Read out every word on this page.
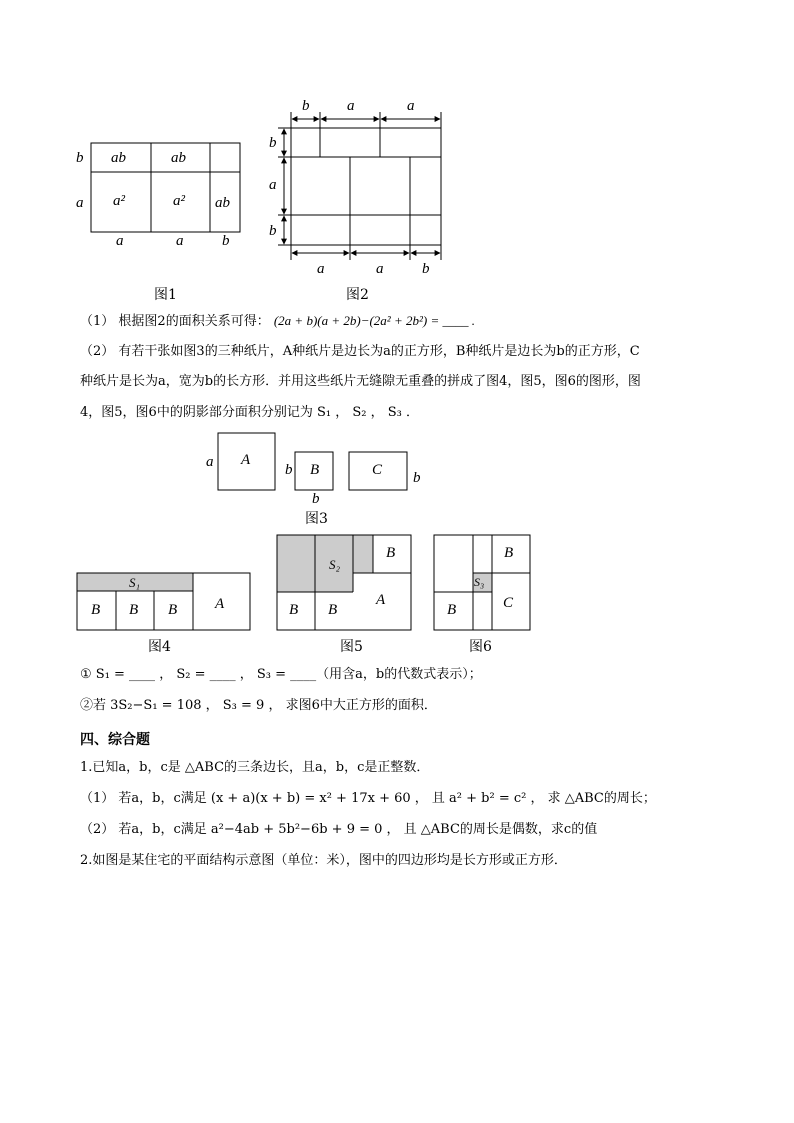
b
a
ab	ab
a²	a² ab
a	a	b
图1
b	a	a
b
a
b
a	a	b
图2
（1） 根据图2的面积关系可得： (2a + b)(a + 2b)−(2a² + 2b²) = ____ .
（2） 有若干张如图3的三种纸片，A种纸片是边长为a的正方形，B种纸片是边长为b的正方形，C
种纸片是长为a，宽为b的长方形．并用这些纸片无缝隙无重叠的拼成了图4，图5，图6的图形，图
4，图5，图6中的阴影部分面积分别记为 S₁ ， S₂ ， S₃ ．
a A
b B
b
C b
图3
S₁
B B B	A
图4
S₂
B
A
B B
图5
S₃
B
B	C
图6
① S₁ = ____ ， S₂ = ____ ， S₃ = ____（用含a，b的代数式表示）；
②若 3S₂−S₁ = 108 ， S₃ = 9 ， 求图6中大正方形的面积．
四、综合题
1.已知a，b，c是 △ABC的三条边长，且a，b，c是正整数．
（1） 若a，b，c满足 (x + a)(x + b) = x² + 17x + 60 ， 且 a² + b² = c² ， 求 △ABC的周长；
（2） 若a，b，c满足 a²−4ab + 5b²−6b + 9 = 0 ， 且 △ABC的周长是偶数，求c的值
2.如图是某住宅的平面结构示意图（单位：米），图中的四边形均是长方形或正方形．
